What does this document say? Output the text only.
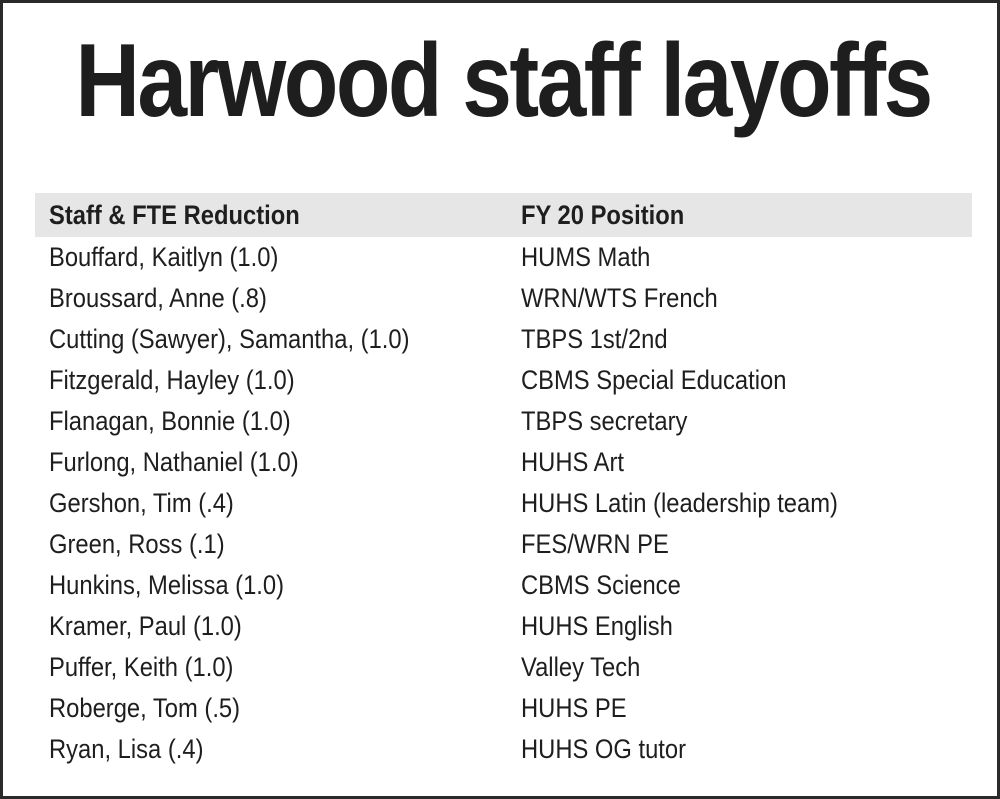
Harwood staff layoffs
Staff & FTE Reduction	FY 20 Position
Bouffard, Kaitlyn (1.0)	HUMS Math
Broussard, Anne (.8)	WRN/WTS French
Cutting (Sawyer), Samantha, (1.0)	TBPS 1st/2nd
Fitzgerald, Hayley (1.0)	CBMS Special Education
Flanagan, Bonnie (1.0)	TBPS secretary
Furlong, Nathaniel (1.0)	HUHS Art
Gershon, Tim (.4)	HUHS Latin (leadership team)
Green, Ross (.1)	FES/WRN PE
Hunkins, Melissa (1.0)	CBMS Science
Kramer, Paul (1.0)	HUHS English
Puffer, Keith (1.0)	Valley Tech
Roberge, Tom (.5)	HUHS PE
Ryan, Lisa (.4)	HUHS OG tutor
